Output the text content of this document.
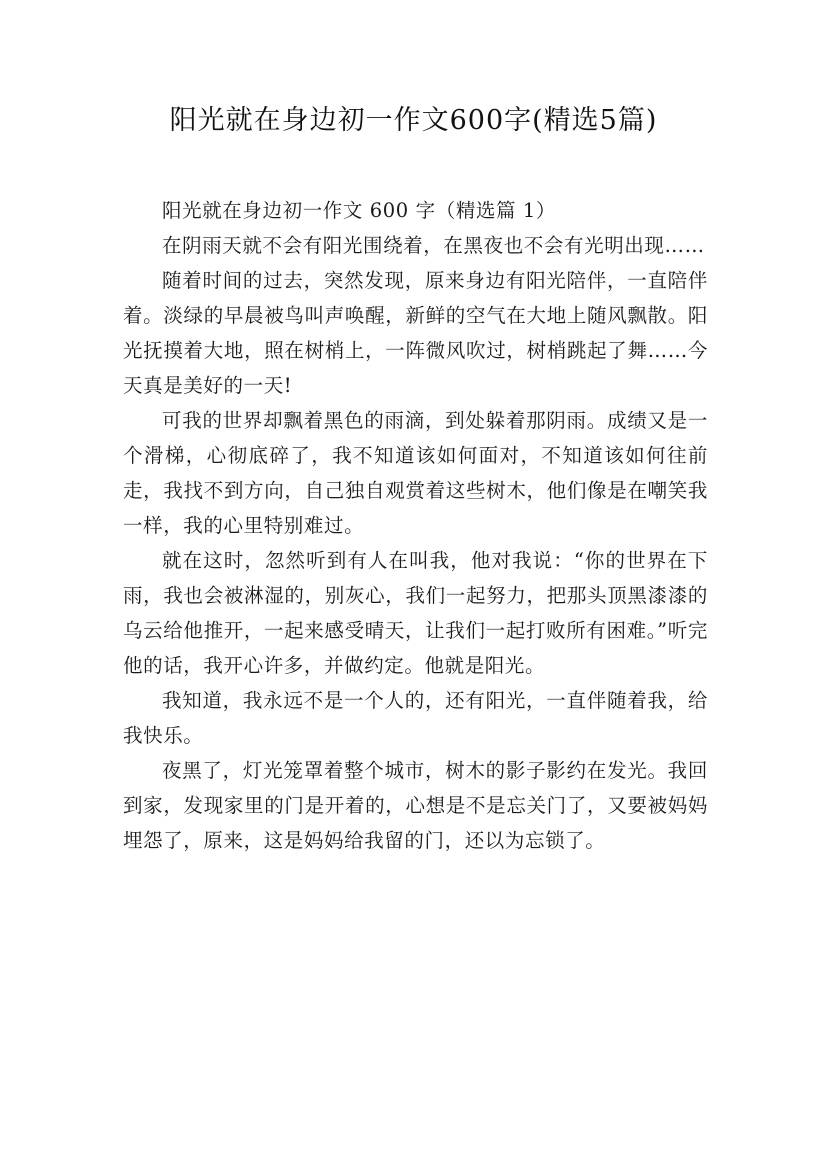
阳光就在身边初一作文600字(精选5篇)

阳光就在身边初一作文 600 字（精选篇 1）

在阴雨天就不会有阳光围绕着，在黑夜也不会有光明出现……

随着时间的过去，突然发现，原来身边有阳光陪伴，一直陪伴着。淡绿的早晨被鸟叫声唤醒，新鲜的空气在大地上随风飘散。阳光抚摸着大地，照在树梢上，一阵微风吹过，树梢跳起了舞……今天真是美好的一天!

可我的世界却飘着黑色的雨滴，到处躲着那阴雨。成绩又是一个滑梯，心彻底碎了，我不知道该如何面对，不知道该如何往前走，我找不到方向，自己独自观赏着这些树木，他们像是在嘲笑我一样，我的心里特别难过。

就在这时，忽然听到有人在叫我，他对我说：“你的世界在下雨，我也会被淋湿的，别灰心，我们一起努力，把那头顶黑漆漆的乌云给他推开，一起来感受晴天，让我们一起打败所有困难。”听完他的话，我开心许多，并做约定。他就是阳光。

我知道，我永远不是一个人的，还有阳光，一直伴随着我，给我快乐。

夜黑了，灯光笼罩着整个城市，树木的影子影约在发光。我回到家，发现家里的门是开着的，心想是不是忘关门了，又要被妈妈埋怨了，原来，这是妈妈给我留的门，还以为忘锁了。
